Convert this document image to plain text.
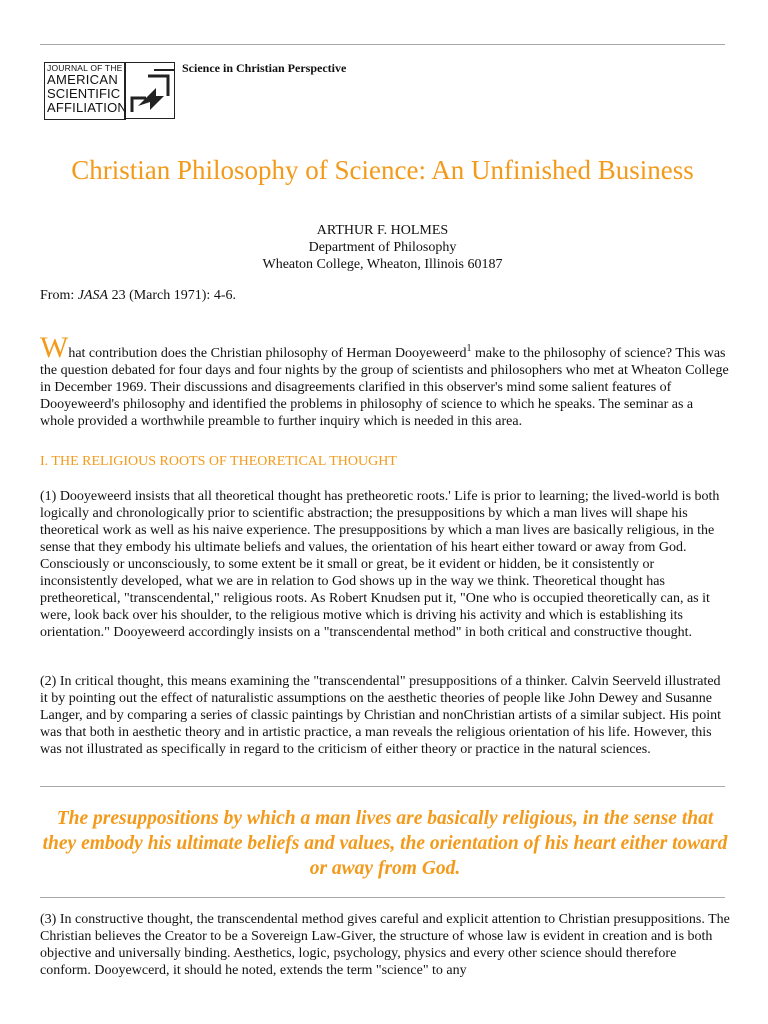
JOURNAL OF THE
AMERICAN
SCIENTIFIC
AFFILIATION
Science in Christian Perspective
Christian Philosophy of Science: An Unfinished Business
ARTHUR F. HOLMES
Department of Philosophy
Wheaton College, Wheaton, Illinois 60187
From: JASA 23 (March 1971): 4-6.

What contribution does the Christian philosophy of Herman Dooyeweerd$^1$ make to the philosophy of science? This was the question debated for four days and four nights by the group of scientists and philosophers who met at Wheaton College in December 1969. Their discussions and disagreements clarified in this observer's mind some salient features of Dooyeweerd's philosophy and identified the problems in philosophy of science to which he speaks. The seminar as a whole provided a worthwhile preamble to further inquiry which is needed in this area.

I. THE RELIGIOUS ROOTS OF THEORETICAL THOUGHT

(1) Dooyeweerd insists that all theoretical thought has pretheoretic roots.' Life is prior to learning; the lived-world is both logically and chronologically prior to scientific abstraction; the presuppositions by which a man lives will shape his theoretical work as well as his naive experience. The presuppositions by which a man lives are basically religious, in the sense that they embody his ultimate beliefs and values, the orientation of his heart either toward or away from God. Consciously or unconsciously, to some extent be it small or great, be it evident or hidden, be it consistently or inconsistently developed, what we are in relation to God shows up in the way we think. Theoretical thought has pretheoretical, "transcendental," religious roots. As Robert Knudsen put it, "One who is occupied theoretically can, as it were, look back over his shoulder, to the religious motive which is driving his activity and which is establishing its orientation." Dooyeweerd accordingly insists on a "transcendental method" in both critical and constructive thought.

(2) In critical thought, this means examining the "transcendental" presuppositions of a thinker. Calvin Seerveld illustrated it by pointing out the effect of naturalistic assumptions on the aesthetic theories of people like John Dewey and Susanne Langer, and by comparing a series of classic paintings by Christian and nonChristian artists of a similar subject. His point was that both in aesthetic theory and in artistic practice, a man reveals the religious orientation of his life. However, this was not illustrated as specifically in regard to the criticism of either theory or practice in the natural sciences.

The presuppositions by which a man lives are basically religious, in the sense that they embody his ultimate beliefs and values, the orientation of his heart either toward or away from God.

(3) In constructive thought, the transcendental method gives careful and explicit attention to Christian presuppositions. The Christian believes the Creator to be a Sovereign Law-Giver, the structure of whose law is evident in creation and is both objective and universally binding. Aesthetics, logic, psychology, physics and every other science should therefore conform. Dooyewcerd, it should he noted, extends the term "science" to any
